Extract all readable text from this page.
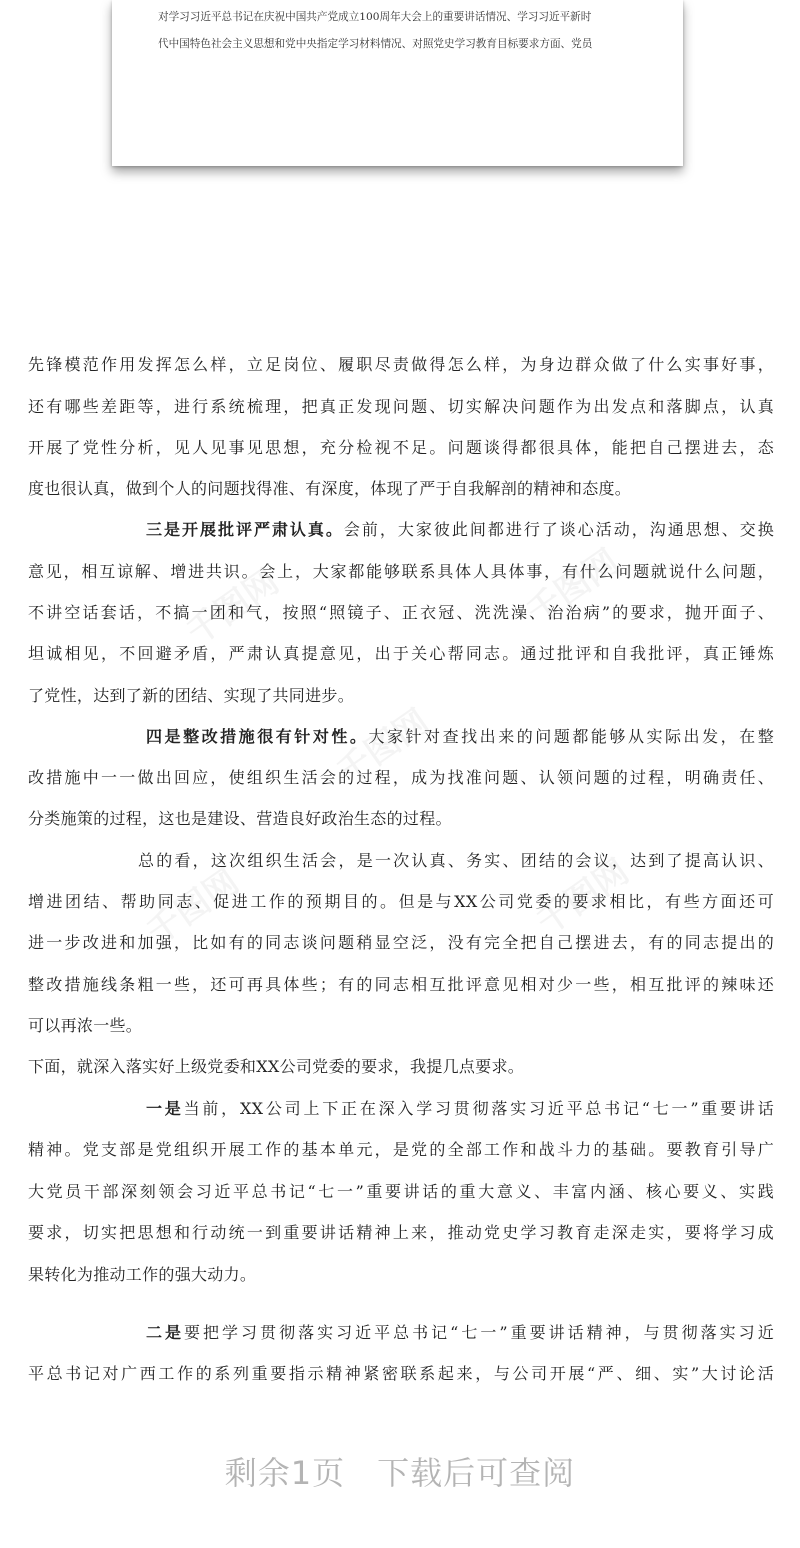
对学习习近平总书记在庆祝中国共产党成立100周年大会上的重要讲话情况、学习习近平新时
代中国特色社会主义思想和党中央指定学习材料情况、对照党史学习教育目标要求方面、党员
先锋模范作用发挥怎么样，立足岗位、履职尽责做得怎么样，为身边群众做了什么实事好事，
还有哪些差距等，进行系统梳理，把真正发现问题、切实解决问题作为出发点和落脚点，认真
开展了党性分析，见人见事见思想，充分检视不足。问题谈得都很具体，能把自己摆进去，态
度也很认真，做到个人的问题找得准、有深度，体现了严于自我解剖的精神和态度。
三是开展批评严肃认真。会前，大家彼此间都进行了谈心活动，沟通思想、交换
意见，相互谅解、增进共识。会上，大家都能够联系具体人具体事，有什么问题就说什么问题，
不讲空话套话，不搞一团和气，按照“照镜子、正衣冠、洗洗澡、治治病”的要求，抛开面子、
坦诚相见，不回避矛盾，严肃认真提意见，出于关心帮同志。通过批评和自我批评，真正锤炼
了党性，达到了新的团结、实现了共同进步。
四是整改措施很有针对性。大家针对查找出来的问题都能够从实际出发，在整
改措施中一一做出回应，使组织生活会的过程，成为找准问题、认领问题的过程，明确责任、
分类施策的过程，这也是建设、营造良好政治生态的过程。
总的看，这次组织生活会，是一次认真、务实、团结的会议，达到了提高认识、
增进团结、帮助同志、促进工作的预期目的。但是与XX公司党委的要求相比，有些方面还可
进一步改进和加强，比如有的同志谈问题稍显空泛，没有完全把自己摆进去，有的同志提出的
整改措施线条粗一些，还可再具体些；有的同志相互批评意见相对少一些，相互批评的辣味还
可以再浓一些。
下面，就深入落实好上级党委和XX公司党委的要求，我提几点要求。
一是当前，XX公司上下正在深入学习贯彻落实习近平总书记“七一”重要讲话
精神。党支部是党组织开展工作的基本单元，是党的全部工作和战斗力的基础。要教育引导广
大党员干部深刻领会习近平总书记“七一”重要讲话的重大意义、丰富内涵、核心要义、实践
要求，切实把思想和行动统一到重要讲话精神上来，推动党史学习教育走深走实，要将学习成
果转化为推动工作的强大动力。
二是要把学习贯彻落实习近平总书记“七一”重要讲话精神，与贯彻落实习近
平总书记对广西工作的系列重要指示精神紧密联系起来，与公司开展“严、细、实”大讨论活
剩余1页 下载后可查阅
